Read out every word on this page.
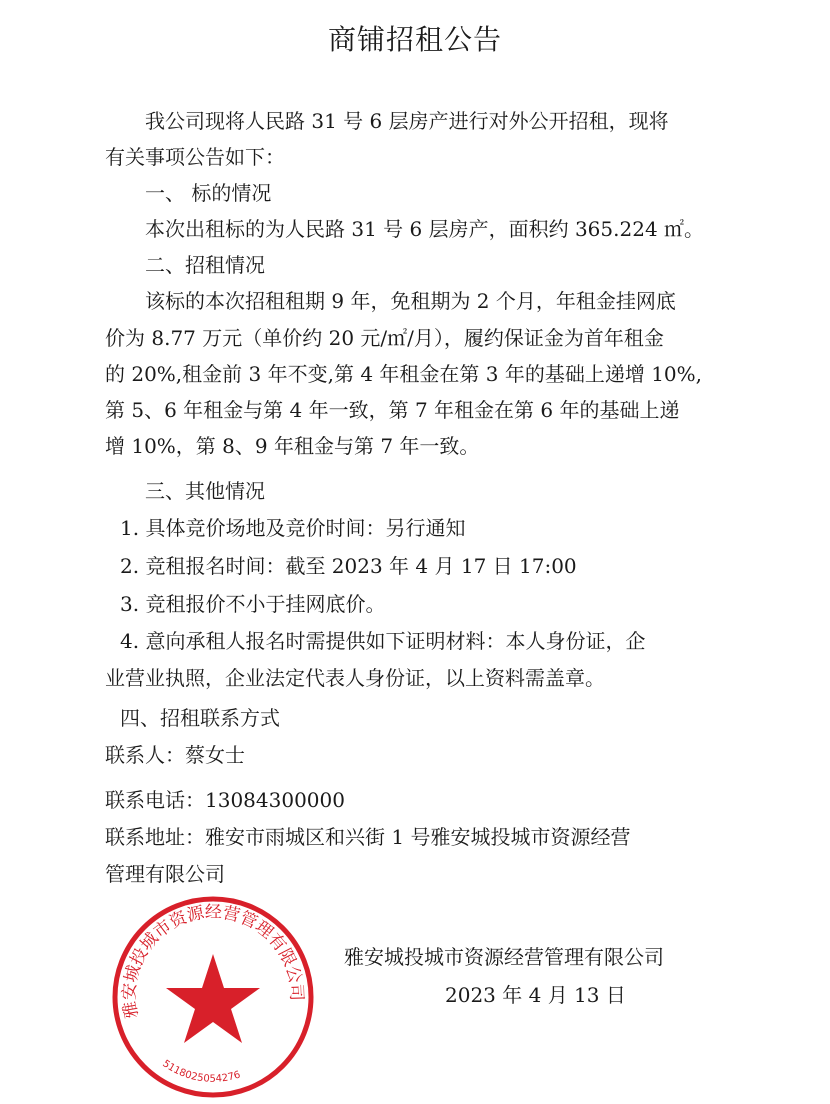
商铺招租公告
我公司现将人民路 31 号 6 层房产进行对外公开招租，现将
有关事项公告如下：
一、 标的情况
本次出租标的为人民路 31 号 6 层房产，面积约 365.224 ㎡。
二、招租情况
该标的本次招租租期 9 年，免租期为 2 个月，年租金挂网底
价为 8.77 万元（单价约 20 元/㎡/月），履约保证金为首年租金
的 20%,租金前 3 年不变,第 4 年租金在第 3 年的基础上递增 10%,
第 5、6 年租金与第 4 年一致，第 7 年租金在第 6 年的基础上递
增 10%，第 8、9 年租金与第 7 年一致。
三、其他情况
1. 具体竞价场地及竞价时间：另行通知
2. 竞租报名时间：截至 2023 年 4 月 17 日 17:00
3. 竞租报价不小于挂网底价。
4. 意向承租人报名时需提供如下证明材料：本人身份证，企
业营业执照，企业法定代表人身份证，以上资料需盖章。
四、招租联系方式
联系人：蔡女士
联系电话：13084300000
联系地址：雅安市雨城区和兴街 1 号雅安城投城市资源经营
管理有限公司
雅安城投城市资源经营管理有限公司
2023 年 4 月 13 日
雅安城投城市资源经营管理有限公司
5118025054276
